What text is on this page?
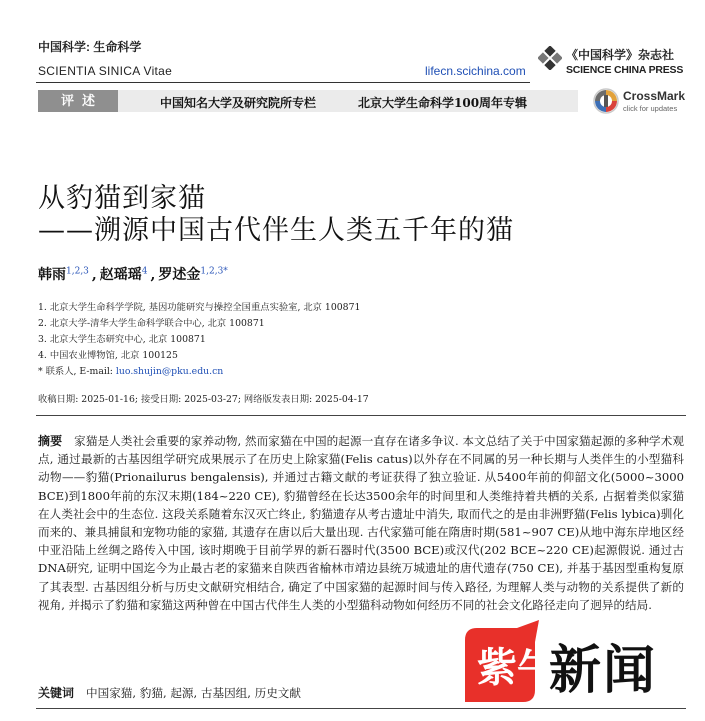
中国科学: 生命科学
SCIENTIA SINICA Vitae	lifecn.scichina.com
《中国科学》杂志社
SCIENCE CHINA PRESS
评述	中国知名大学及研究院所专栏	北京大学生命科学100周年专辑	CrossMark
click for updates
从豹猫到家猫
——溯源中国古代伴生人类五千年的猫
韩雨$^{1,2,3}$ , 赵瑶瑶$^4$ , 罗述金$^{1,2,3*}$
1. 北京大学生命科学学院, 基因功能研究与操控全国重点实验室, 北京 100871
2. 北京大学-清华大学生命科学联合中心, 北京 100871
3. 北京大学生态研究中心, 北京 100871
4. 中国农业博物馆, 北京 100125
* 联系人, E-mail: luo.shujin@pku.edu.cn
收稿日期: 2025-01-16; 接受日期: 2025-03-27; 网络版发表日期: 2025-04-17
摘要 家猫是人类社会重要的家养动物, 然而家猫在中国的起源一直存在诸多争议. 本文总结了关于中国家猫起源的多种学术观点, 通过最新的古基因组学研究成果展示了在历史上除家猫(Felis catus)以外存在不同属的另一种长期与人类伴生的小型猫科动物——豹猫(Prionailurus bengalensis), 并通过古籍文献的考证获得了独立验证. 从5400年前的仰韶文化(5000~3000 BCE)到1800年前的东汉末期(184~220 CE), 豹猫曾经在长达3500余年的时间里和人类维持着共栖的关系, 占据着类似家猫在人类社会中的生态位. 这段关系随着东汉灭亡终止, 豹猫遗存从考古遗址中消失, 取而代之的是由非洲野猫(Felis lybica)驯化而来的、兼具捕鼠和宠物功能的家猫, 其遗存在唐以后大量出现. 古代家猫可能在隋唐时期(581~907 CE)从地中海东岸地区经中亚沿陆上丝绸之路传入中国, 该时期晚于目前学界的新石器时代(3500 BCE)或汉代(202 BCE~220 CE)起源假说. 通过古DNA研究, 证明中国迄今为止最古老的家猫来自陕西省榆林市靖边县统万城遗址的唐代遗存(750 CE), 并基于基因型重构复原了其表型. 古基因组分析与历史文献研究相结合, 确定了中国家猫的起源时间与传入路径, 为理解人类与动物的关系提供了新的视角, 并揭示了豹猫和家猫这两种曾在中国古代伴生人类的小型猫科动物如何经历不同的社会文化路径走向了迥异的结局.
关键词 中国家猫, 豹猫, 起源, 古基因组, 历史文献
紫牛
新闻
